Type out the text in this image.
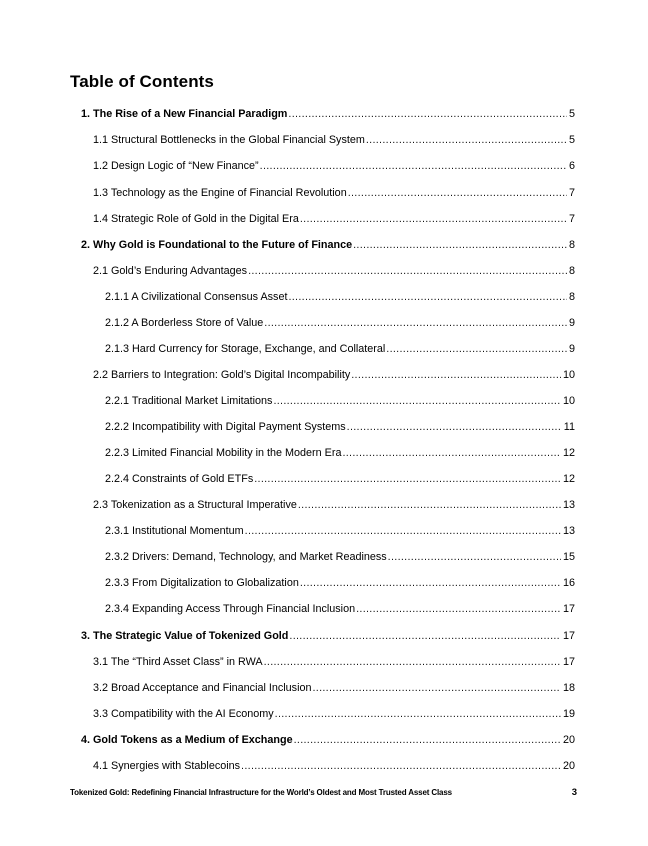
Table of Contents
1. The Rise of a New Financial Paradigm .....	5
1.1 Structural Bottlenecks in the Global Financial System .....	5
1.2 Design Logic of “New Finance” .....	6
1.3 Technology as the Engine of Financial Revolution .....	7
1.4 Strategic Role of Gold in the Digital Era .....	7
2. Why Gold is Foundational to the Future of Finance .....	8
2.1 Gold’s Enduring Advantages .....	8
2.1.1 A Civilizational Consensus Asset .....	8
2.1.2 A Borderless Store of Value .....	9
2.1.3 Hard Currency for Storage, Exchange, and Collateral .....	9
2.2 Barriers to Integration: Gold’s Digital Incompability .....	10
2.2.1 Traditional Market Limitations .....	10
2.2.2 Incompatibility with Digital Payment Systems .....	11
2.2.3 Limited Financial Mobility in the Modern Era .....	12
2.2.4 Constraints of Gold ETFs .....	12
2.3 Tokenization as a Structural Imperative .....	13
2.3.1 Institutional Momentum .....	13
2.3.2 Drivers: Demand, Technology, and Market Readiness .....	15
2.3.3 From Digitalization to Globalization .....	16
2.3.4 Expanding Access Through Financial Inclusion .....	17
3. The Strategic Value of Tokenized Gold .....	17
3.1 The “Third Asset Class” in RWA .....	17
3.2 Broad Acceptance and Financial Inclusion .....	18
3.3 Compatibility with the AI Economy .....	19
4. Gold Tokens as a Medium of Exchange .....	20
4.1 Synergies with Stablecoins .....	20
Tokenized Gold: Redefining Financial Infrastructure for the World’s Oldest and Most Trusted Asset Class	3
